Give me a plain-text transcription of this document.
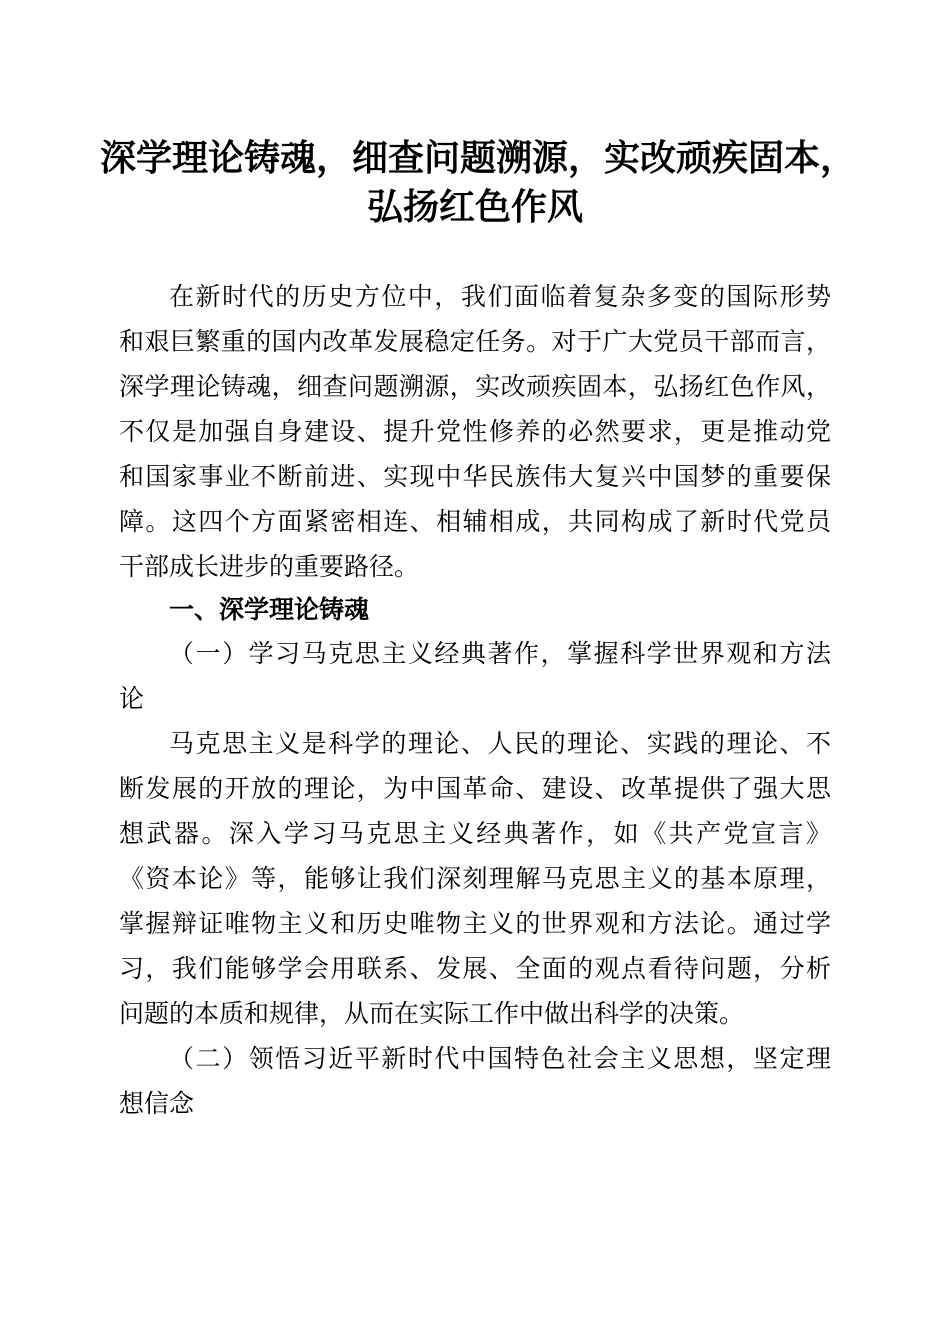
深学理论铸魂，细查问题溯源，实改顽疾固本，
弘扬红色作风

在新时代的历史方位中，我们面临着复杂多变的国际形势

和艰巨繁重的国内改革发展稳定任务。对于广大党员干部而言，

深学理论铸魂，细查问题溯源，实改顽疾固本，弘扬红色作风，

不仅是加强自身建设、提升党性修养的必然要求，更是推动党

和国家事业不断前进、实现中华民族伟大复兴中国梦的重要保

障。这四个方面紧密相连、相辅相成，共同构成了新时代党员

干部成长进步的重要路径。

一、深学理论铸魂

（一）学习马克思主义经典著作，掌握科学世界观和方法

论

马克思主义是科学的理论、人民的理论、实践的理论、不

断发展的开放的理论，为中国革命、建设、改革提供了强大思

想武器。深入学习马克思主义经典著作，如《共产党宣言》

《资本论》等，能够让我们深刻理解马克思主义的基本原理，

掌握辩证唯物主义和历史唯物主义的世界观和方法论。通过学

习，我们能够学会用联系、发展、全面的观点看待问题，分析

问题的本质和规律，从而在实际工作中做出科学的决策。

（二）领悟习近平新时代中国特色社会主义思想，坚定理

想信念
